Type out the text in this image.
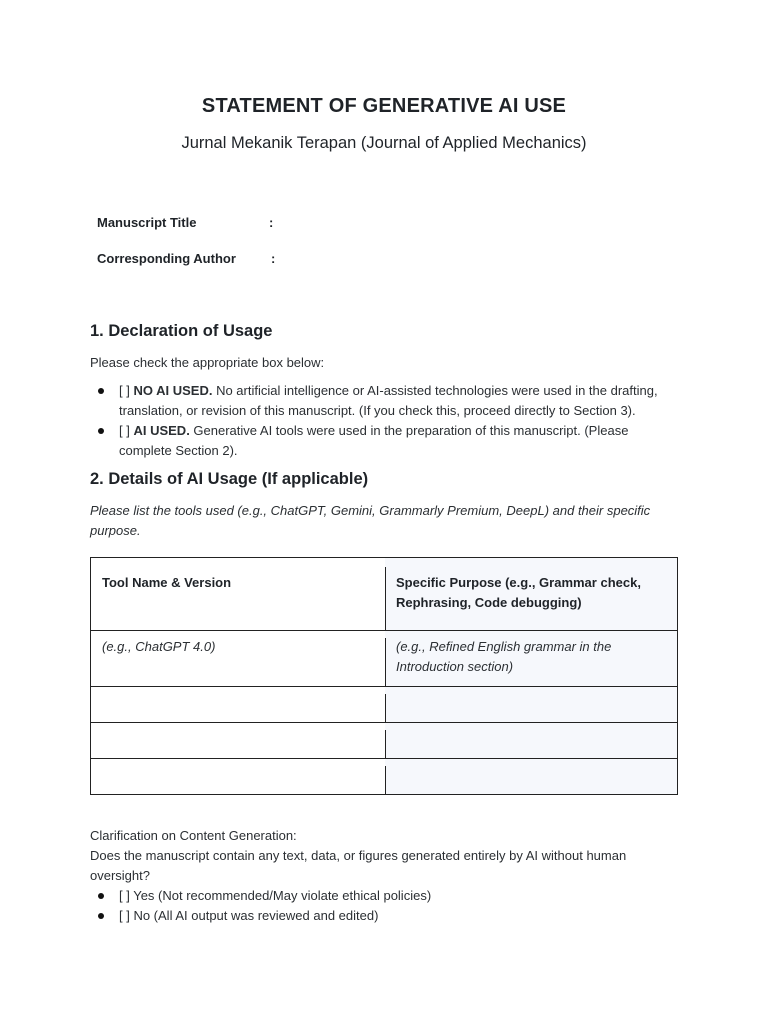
STATEMENT OF GENERATIVE AI USE
Jurnal Mekanik Terapan (Journal of Applied Mechanics)
Manuscript Title	:
Corresponding Author	:
1. Declaration of Usage

Please check the appropriate box below:

[ ] NO AI USED. No artificial intelligence or AI-assisted technologies were used in the drafting, translation, or revision of this manuscript. (If you check this, proceed directly to Section 3).
[ ] AI USED. Generative AI tools were used in the preparation of this manuscript. (Please complete Section 2).
2. Details of AI Usage (If applicable)

Please list the tools used (e.g., ChatGPT, Gemini, Grammarly Premium, DeepL) and their specific purpose.

Tool Name & Version	Specific Purpose (e.g., Grammar check, Rephrasing, Code debugging)
(e.g., ChatGPT 4.0)	(e.g., Refined English grammar in the Introduction section)

Clarification on Content Generation:

Does the manuscript contain any text, data, or figures generated entirely by AI without human oversight?

[ ] Yes (Not recommended/May violate ethical policies)
[ ] No (All AI output was reviewed and edited)
